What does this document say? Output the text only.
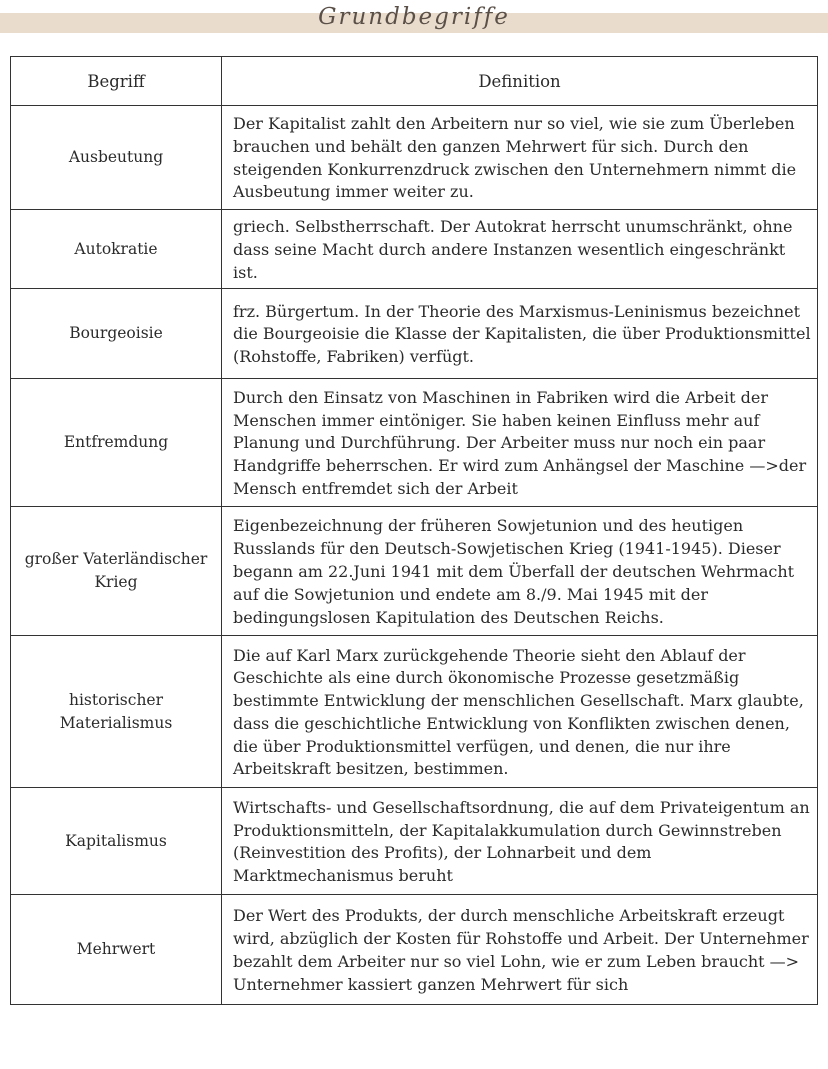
Grundbegriffe
Begriff	Definition
Ausbeutung	Der Kapitalist zahlt den Arbeitern nur so viel, wie sie zum Überleben brauchen und behält den ganzen Mehrwert für sich. Durch den steigenden Konkurrenzdruck zwischen den Unternehmern nimmt die Ausbeutung immer weiter zu.
Autokratie	griech. Selbstherrschaft. Der Autokrat herrscht unumschränkt, ohne dass seine Macht durch andere Instanzen wesentlich eingeschränkt ist.
Bourgeoisie	frz. Bürgertum. In der Theorie des Marxismus-Leninismus bezeichnet die Bourgeoisie die Klasse der Kapitalisten, die über Produktionsmittel (Rohstoffe, Fabriken) verfügt.
Entfremdung	Durch den Einsatz von Maschinen in Fabriken wird die Arbeit der Menschen immer eintöniger. Sie haben keinen Einfluss mehr auf Planung und Durchführung. Der Arbeiter muss nur noch ein paar Handgriffe beherrschen. Er wird zum Anhängsel der Maschine —>der Mensch entfremdet sich der Arbeit
großer Vaterländischer Krieg	Eigenbezeichnung der früheren Sowjetunion und des heutigen Russlands für den Deutsch-Sowjetischen Krieg (1941-1945). Dieser begann am 22.Juni 1941 mit dem Überfall der deutschen Wehrmacht auf die Sowjetunion und endete am 8./9. Mai 1945 mit der bedingungslosen Kapitulation des Deutschen Reichs.
historischer Materialismus	Die auf Karl Marx zurückgehende Theorie sieht den Ablauf der Geschichte als eine durch ökonomische Prozesse gesetzmäßig bestimmte Entwicklung der menschlichen Gesellschaft. Marx glaubte, dass die geschichtliche Entwicklung von Konflikten zwischen denen, die über Produktionsmittel verfügen, und denen, die nur ihre Arbeitskraft besitzen, bestimmen.
Kapitalismus	Wirtschafts- und Gesellschaftsordnung, die auf dem Privateigentum an Produktionsmitteln, der Kapitalakkumulation durch Gewinnstreben (Reinvestition des Profits), der Lohnarbeit und dem Marktmechanismus beruht
Mehrwert	Der Wert des Produkts, der durch menschliche Arbeitskraft erzeugt wird, abzüglich der Kosten für Rohstoffe und Arbeit. Der Unternehmer bezahlt dem Arbeiter nur so viel Lohn, wie er zum Leben braucht —> Unternehmer kassiert ganzen Mehrwert für sich
